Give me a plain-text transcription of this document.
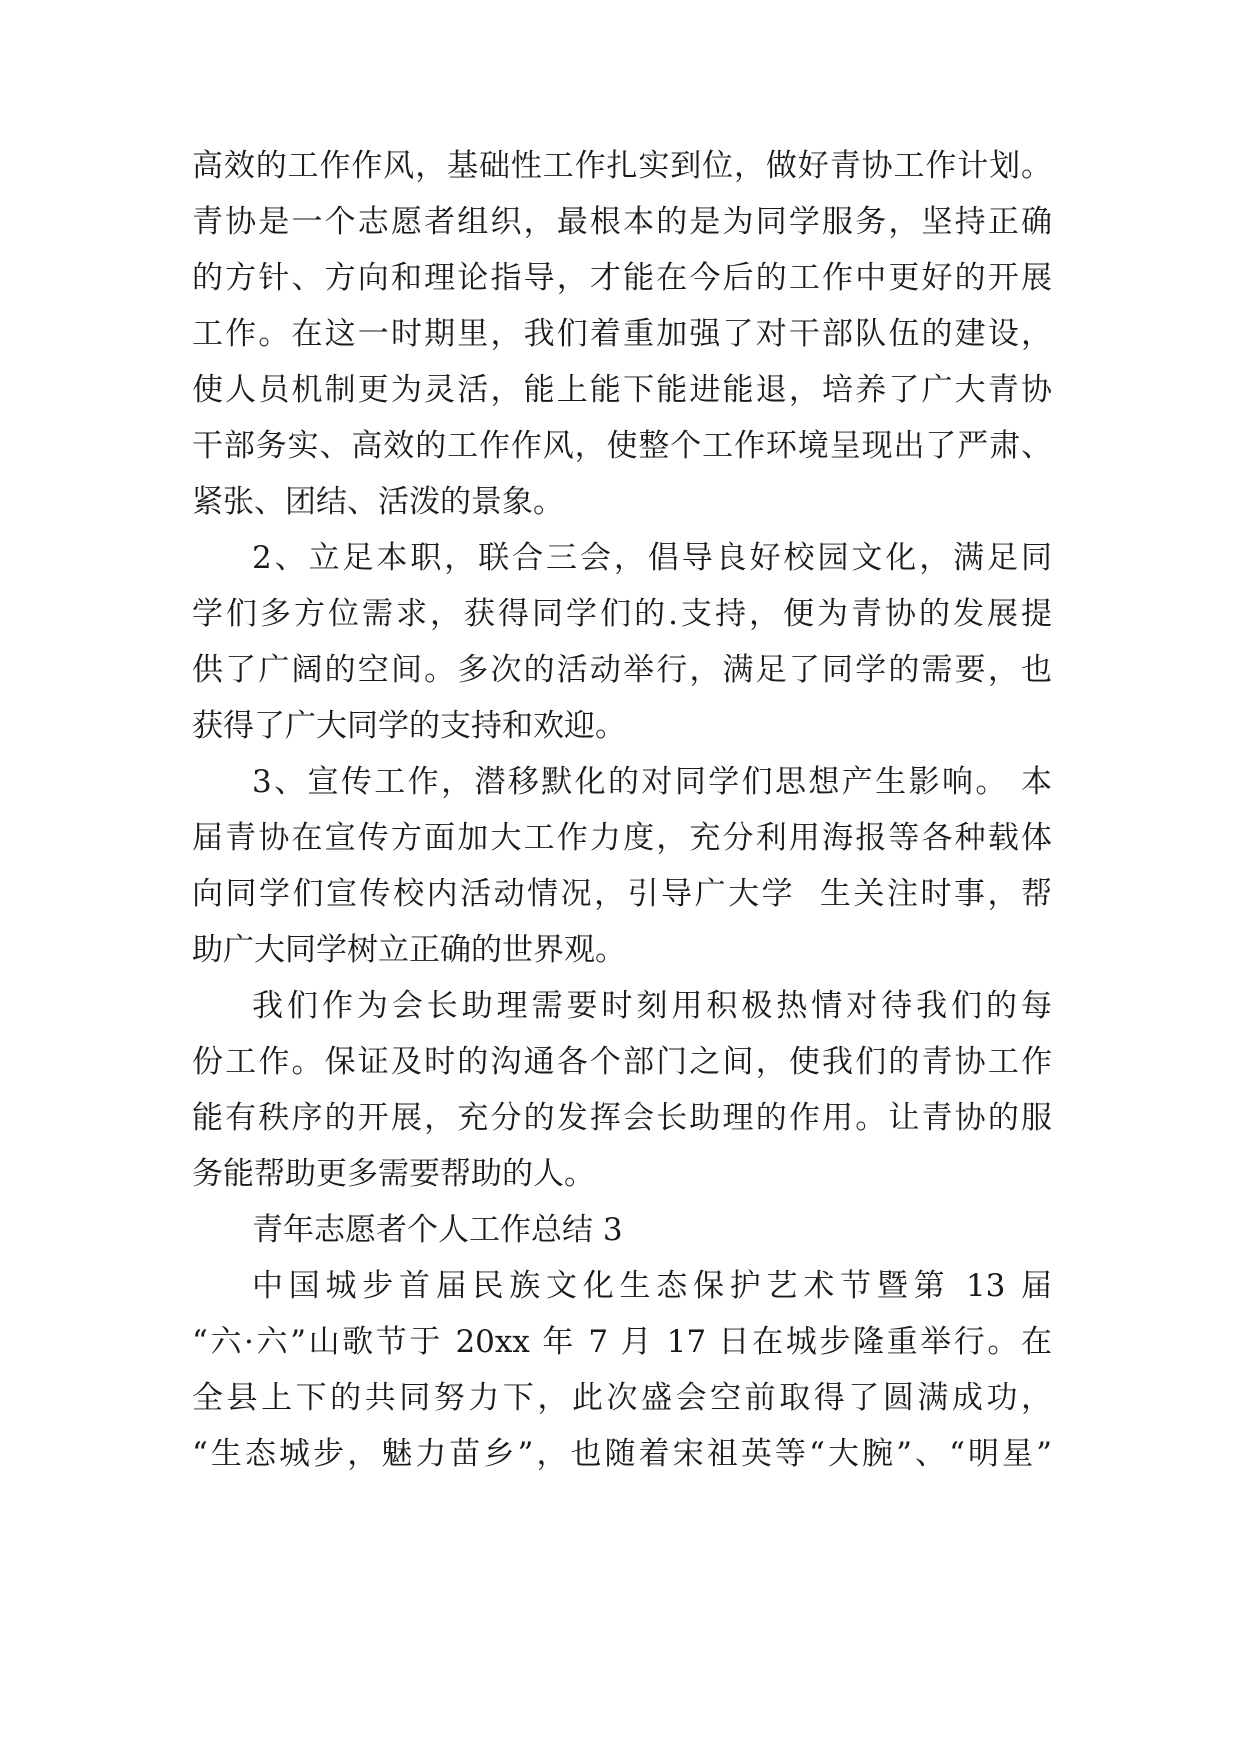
高效的工作作风，基础性工作扎实到位，做好青协工作计划。
青协是一个志愿者组织，最根本的是为同学服务，坚持正确
的方针、方向和理论指导，才能在今后的工作中更好的开展
工作。在这一时期里，我们着重加强了对干部队伍的建设，
使人员机制更为灵活，能上能下能进能退，培养了广大青协
干部务实、高效的工作作风，使整个工作环境呈现出了严肃、
紧张、团结、活泼的景象。
2、立足本职，联合三会，倡导良好校园文化，满足同
学们多方位需求，获得同学们的.支持，便为青协的发展提
供了广阔的空间。多次的活动举行，满足了同学的需要，也
获得了广大同学的支持和欢迎。
3、宣传工作，潜移默化的对同学们思想产生影响。 本
届青协在宣传方面加大工作力度，充分利用海报等各种载体
向同学们宣传校内活动情况，引导广大学  生关注时事，帮
助广大同学树立正确的世界观。
我们作为会长助理需要时刻用积极热情对待我们的每
份工作。保证及时的沟通各个部门之间，使我们的青协工作
能有秩序的开展，充分的发挥会长助理的作用。让青协的服
务能帮助更多需要帮助的人。
青年志愿者个人工作总结 3
中国城步首届民族文化生态保护艺术节暨第 13 届
“六·六”山歌节于 20xx 年 7 月 17 日在城步隆重举行。在
全县上下的共同努力下，此次盛会空前取得了圆满成功，
“生态城步，魅力苗乡”，也随着宋祖英等“大腕”、“明星”
